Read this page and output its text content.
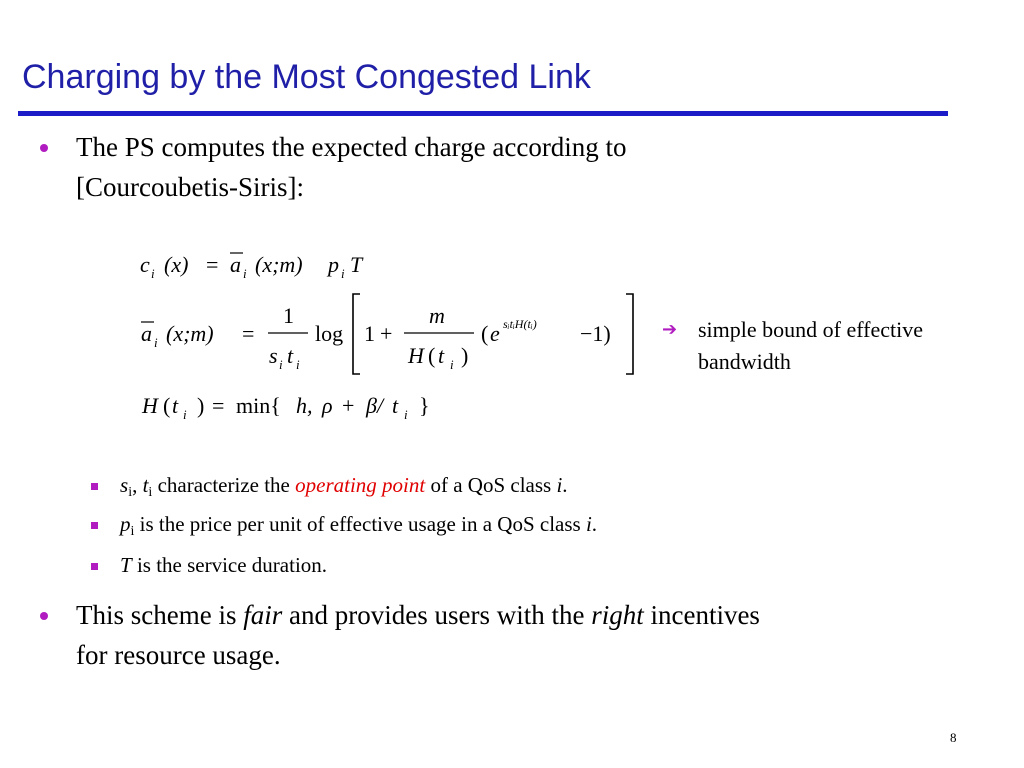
Charging by the Most Congested Link
The PS computes the expected charge according to
[Courcoubetis-Siris]:
c i (x) = a i (x;m) p i T
a i (x;m) =
1
s i t i
log 1 +
m
H ( t i )
( e sᵢtᵢH(tᵢ) −1)
H ( t i ) = min{ h, ρ + β/ t i }
➔ simple bound of effective
bandwidth
$s_i$, $t_i$ characterize the operating point of a QoS class i.
$p_i$ is the price per unit of effective usage in a QoS class i.
T is the service duration.
This scheme is fair and provides users with the right incentives
for resource usage.
8
